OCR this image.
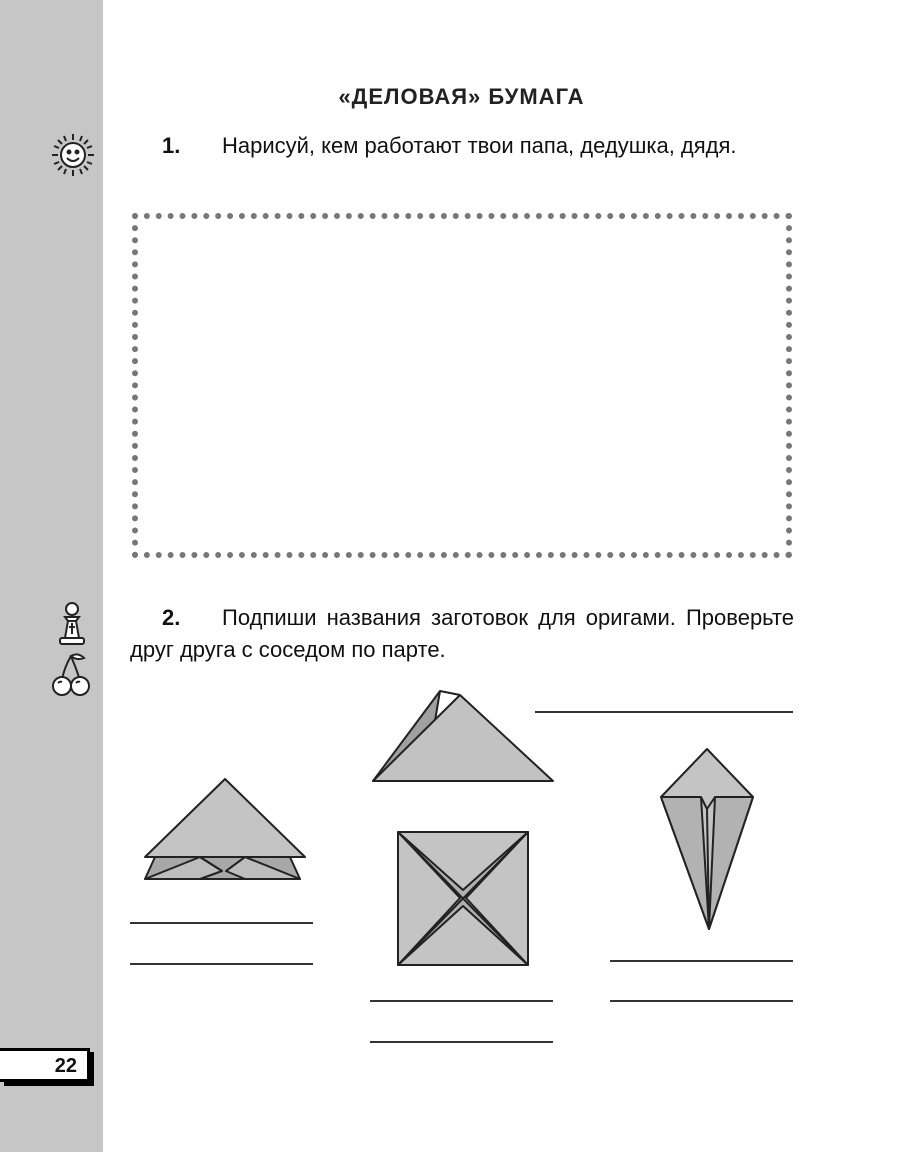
22
«ДЕЛОВАЯ» БУМАГА
1. Нарисуй, кем работают твои папа, дедушка, дядя.
2. Подпиши названия заготовок для оригами. Проверьте друг друга с соседом по парте.
